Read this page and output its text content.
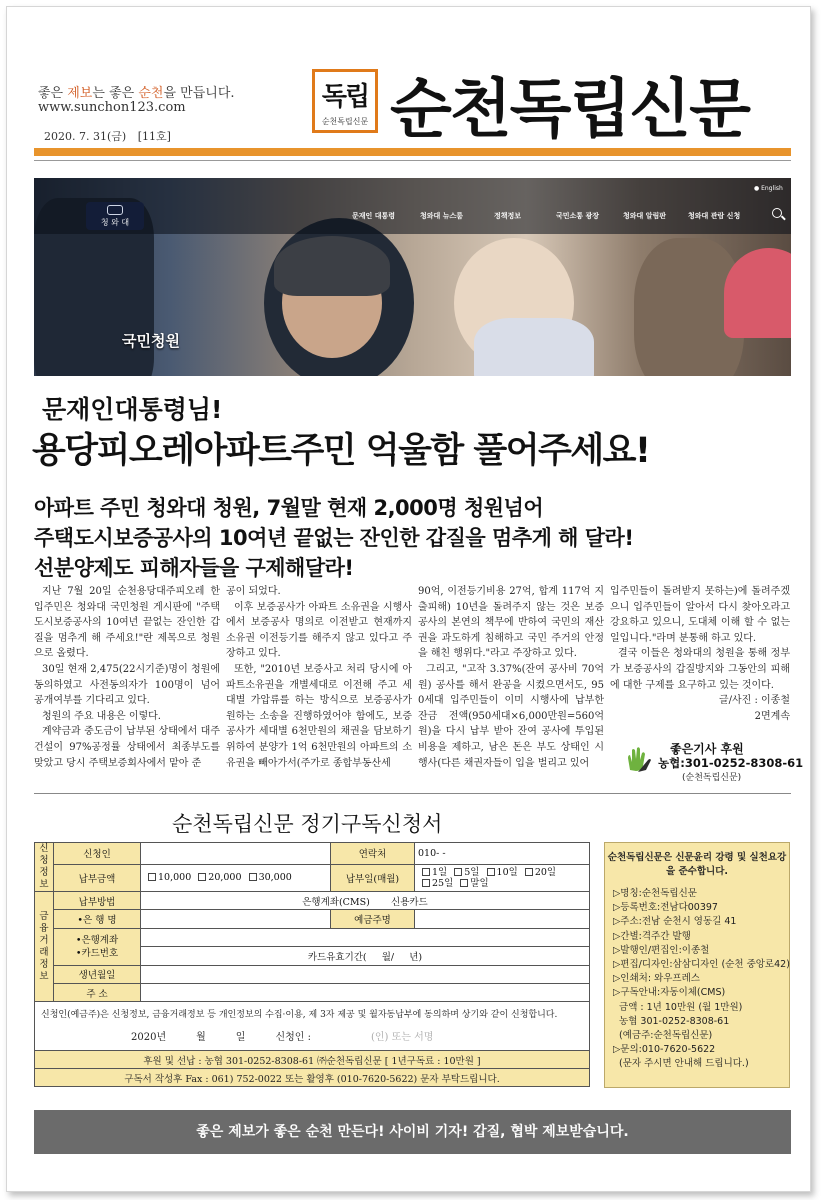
좋은 제보는 좋은 순천을 만듭니다.
www.sunchon123.com
2020. 7. 31(금) [11호]
독립
순천독립신문 순천독립신문
청 와 대
문재인 대통령	청와대 뉴스룸	정책정보	국민소통 광장	청와대 알림판	청와대 관람 신청
● English
국민청원
문재인대통령님!
용당피오레아파트주민 억울함 풀어주세요!
아파트 주민 청와대 청원, 7월말 현재 2,000명 청원넘어
주택도시보증공사의 10여년 끝없는 잔인한 갑질을 멈추게 해 달라!
선분양제도 피해자들을 구제해달라!

지난 7월 20일 순천용당대주피오레 한 입주민은 청와대 국민청원 게시판에 "주택도시보증공사의 10여년 끝없는 잔인한 갑질을 멈추게 해 주세요!"란 제목으로 청원으로 올렸다.

30일 현재 2,475(22시기준)명이 청원에 동의하였고 사전동의자가 100명이 넘어 공개여부를 기다리고 있다.

청원의 주요 내용은 이렇다.

계약금과 중도금이 납부된 상태에서 대주건설이 97%공정률 상태에서 최종부도를 맞았고 당시 주택보증회사에서 맡아 준

공이 되었다.

이후 보증공사가 아파트 소유권을 시행사에서 보증공사 명의로 이전받고 현재까지 소유권 이전등기를 해주지 않고 있다고 주장하고 있다.

또한, "2010년 보증사고 처리 당시에 아파트소유권을 개별세대로 이전해 주고 세대별 가압류를 하는 방식으로 보증공사가 원하는 소송을 진행하였어야 함에도, 보증공사가 세대별 6천만원의 채권을 담보하기 위하여 분양가 1억 6천만원의 아파트의 소유권을 빼아가서(주가로 종합부동산세

90억, 이전등기비용 27억, 합계 117억 지출피해) 10년을 돌려주지 않는 것은 보증공사의 본연의 책무에 반하여 국민의 재산권을 과도하게 침해하고 국민 주거의 안정을 해친 행위다."라고 주장하고 있다.

그리고, "고작 3.37%(잔여 공사비 70억원) 공사를 해서 완공을 시켰으면서도, 950세대 입주민들이 이미 시행사에 납부한 잔금 전액(950세대×6,000만원=560억원)을 다시 납부 받아 잔여 공사에 투입된 비용을 제하고, 남은 돈은 부도 상태인 시행사(다른 채권자들이 입을 벌리고 있어

입주민들이 돌려받지 못하는)에 돌려주겠으니 입주민들이 알아서 다시 찾아오라고 강요하고 있으니, 도대체 이해 할 수 없는 일입니다."라며 분통해 하고 있다.

결국 이들은 청와대의 청원을 통해 정부가 보증공사의 갑질방지와 그동안의 피해에 대한 구제를 요구하고 있는 것이다.

글/사진 : 이종철

2면계속

좋은기사 후원
농협:301-0252-8308-61
(순천독립신문)
순천독립신문 정기구독신청서
신청정보	신청인		연락처	010- -
	납부금액	10,000 20,000 30,000	납부일(매월)	1일 5일 10일 20일
25일 말일
금융거래정보	납부방법	은행계좌(CMS)       신용카드		
	•은 행 명		예금주명	
	•은행계좌
•카드번호			
		카드유효기간(     월/     년)		
	생년월일			
	주 소			
신청인(예금주)은 신청정보, 금융거래정보 등 개인정보의 수집·이용, 제 3자 제공 및 월자동납부에 동의하며 상기와 같이 신청합니다.
2020년	월	일	신청인 :	(인) 또는 서명
후원 및 선납 : 농협 301-0252-8308-61 ㈜순천독립신문 [ 1년구독료 : 10만원 ]
구독서 작성후 Fax : 061) 752-0022 또는 활영후 (010-7620-5622) 문자 부탁드립니다.
순천독립신문은 신문윤리 강령 및 실천요강을 준수합니다.
▷명칭:순천독립신문
▷등록번호:전남다00397
▷주소:전남 순천시 영동길 41
▷간별:격주간 발행
▷발행인/편집인:이종철
▷편집/디자인:삼삼디자인 (순천 중앙로42)
▷인쇄처: 와우프레스
▷구독안내:자동이체(CMS)
금액 : 1년 10만원 (월 1만원)
농협 301-0252-8308-61
(예금주:순천독립신문)
▷문의:010-7620-5622
(문자 주시면 안내해 드립니다.)
좋은 제보가 좋은 순천 만든다! 사이비 기자! 갑질, 협박 제보받습니다.
